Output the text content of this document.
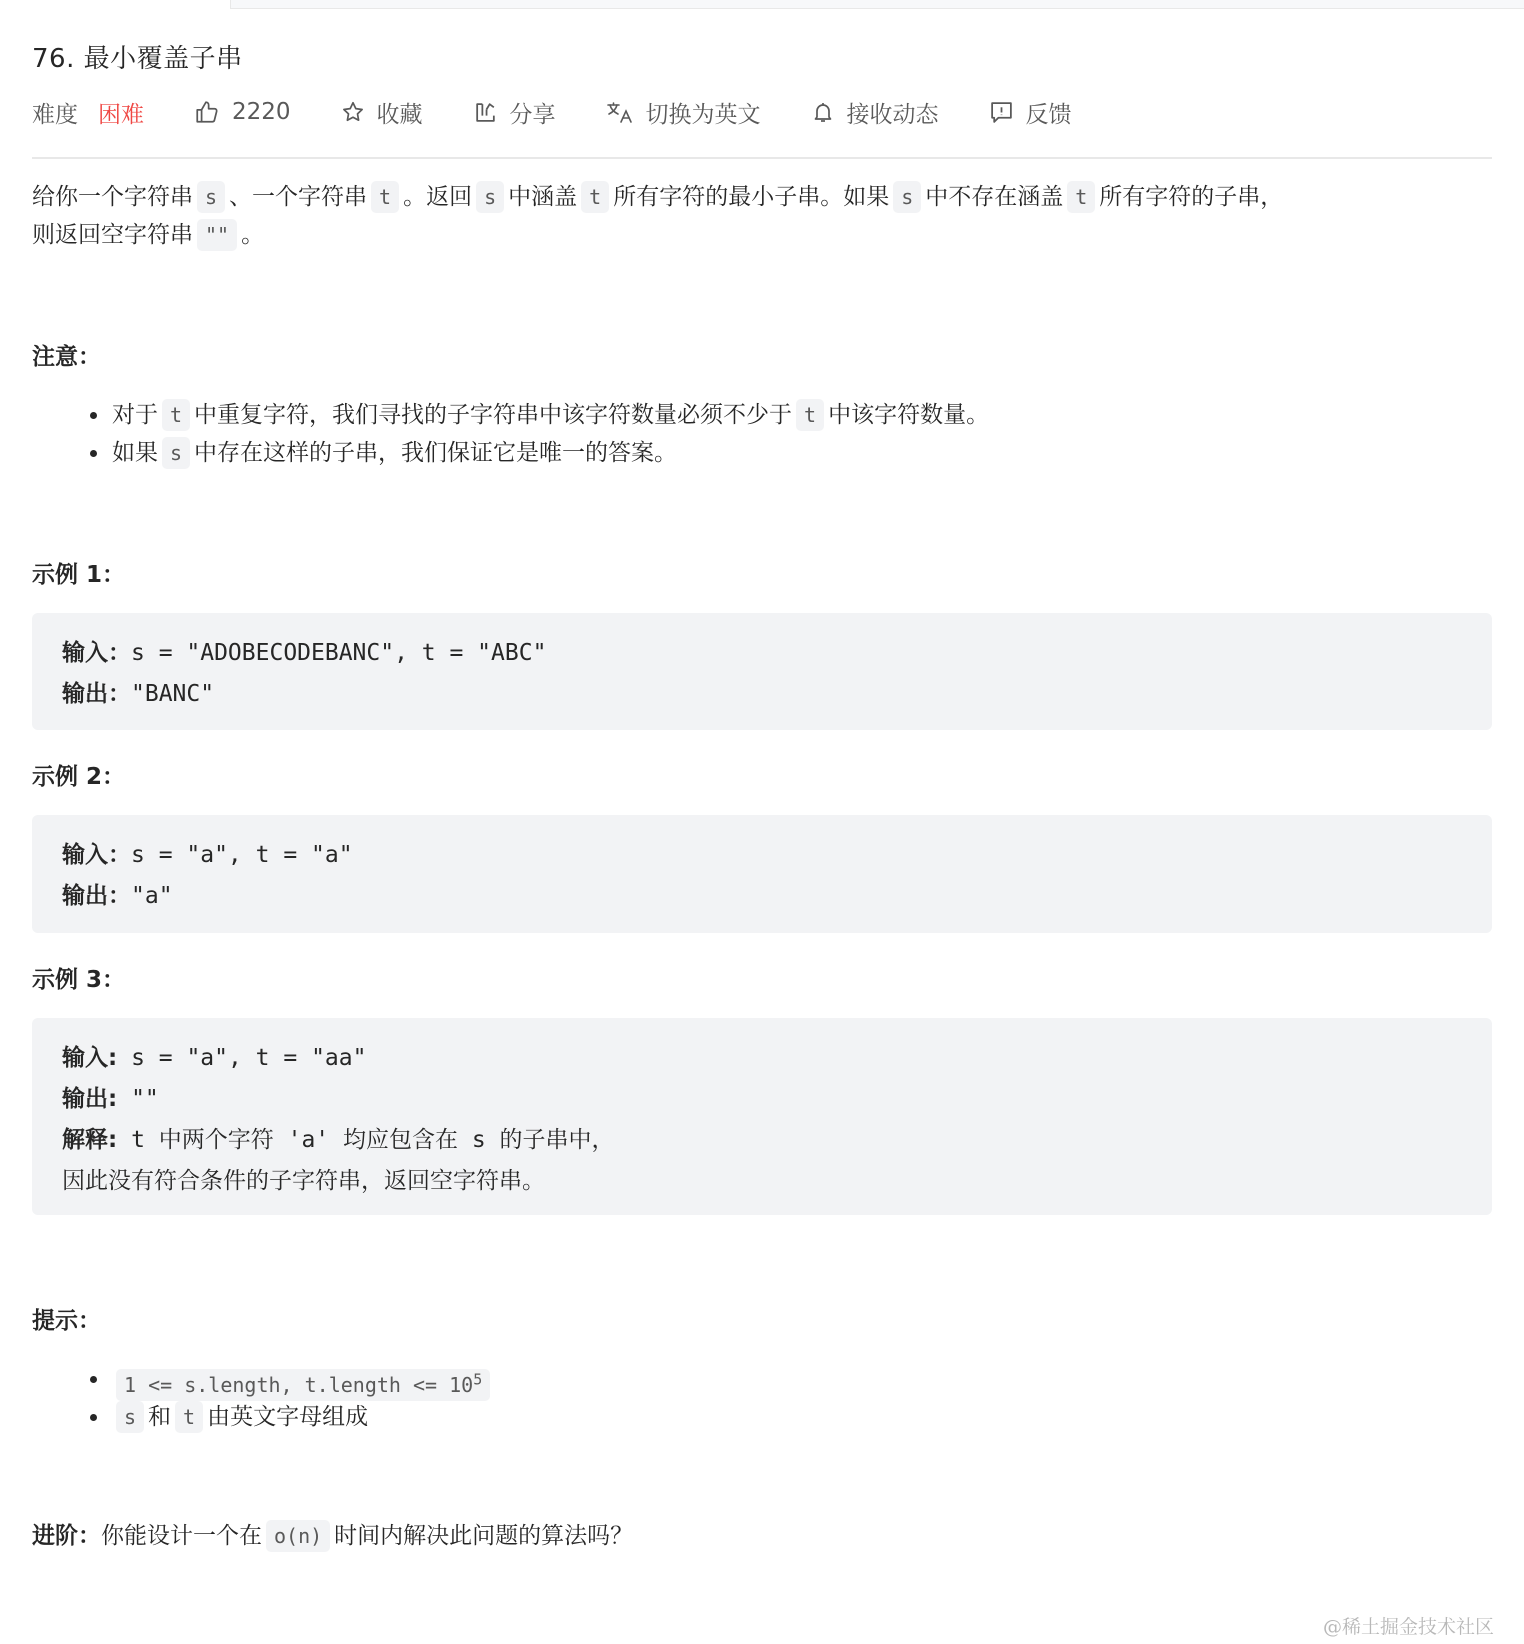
76. 最小覆盖子串
难度 困难	2220	收藏	分享	切换为英文	接收动态	反馈
给你一个字符串 s 、一个字符串 t 。返回 s 中涵盖 t 所有字符的最小子串。如果 s 中不存在涵盖 t 所有字符的子串，
则返回空字符串 "" 。
注意：
对于 t 中重复字符，我们寻找的子字符串中该字符数量必须不少于 t 中该字符数量。
如果 s 中存在这样的子串，我们保证它是唯一的答案。
示例 1：
输入：s = "ADOBECODEBANC", t = "ABC"
输出："BANC"
示例 2：
输入：s = "a", t = "a"
输出："a"
示例 3：
输入: s = "a", t = "aa"
输出: ""
解释: t 中两个字符 'a' 均应包含在 s 的子串中，
因此没有符合条件的子字符串，返回空字符串。
提示：
1 <= s.length, t.length <= $10^5$
s 和 t 由英文字母组成
进阶：你能设计一个在 o(n) 时间内解决此问题的算法吗？
@稀土掘金技术社区
